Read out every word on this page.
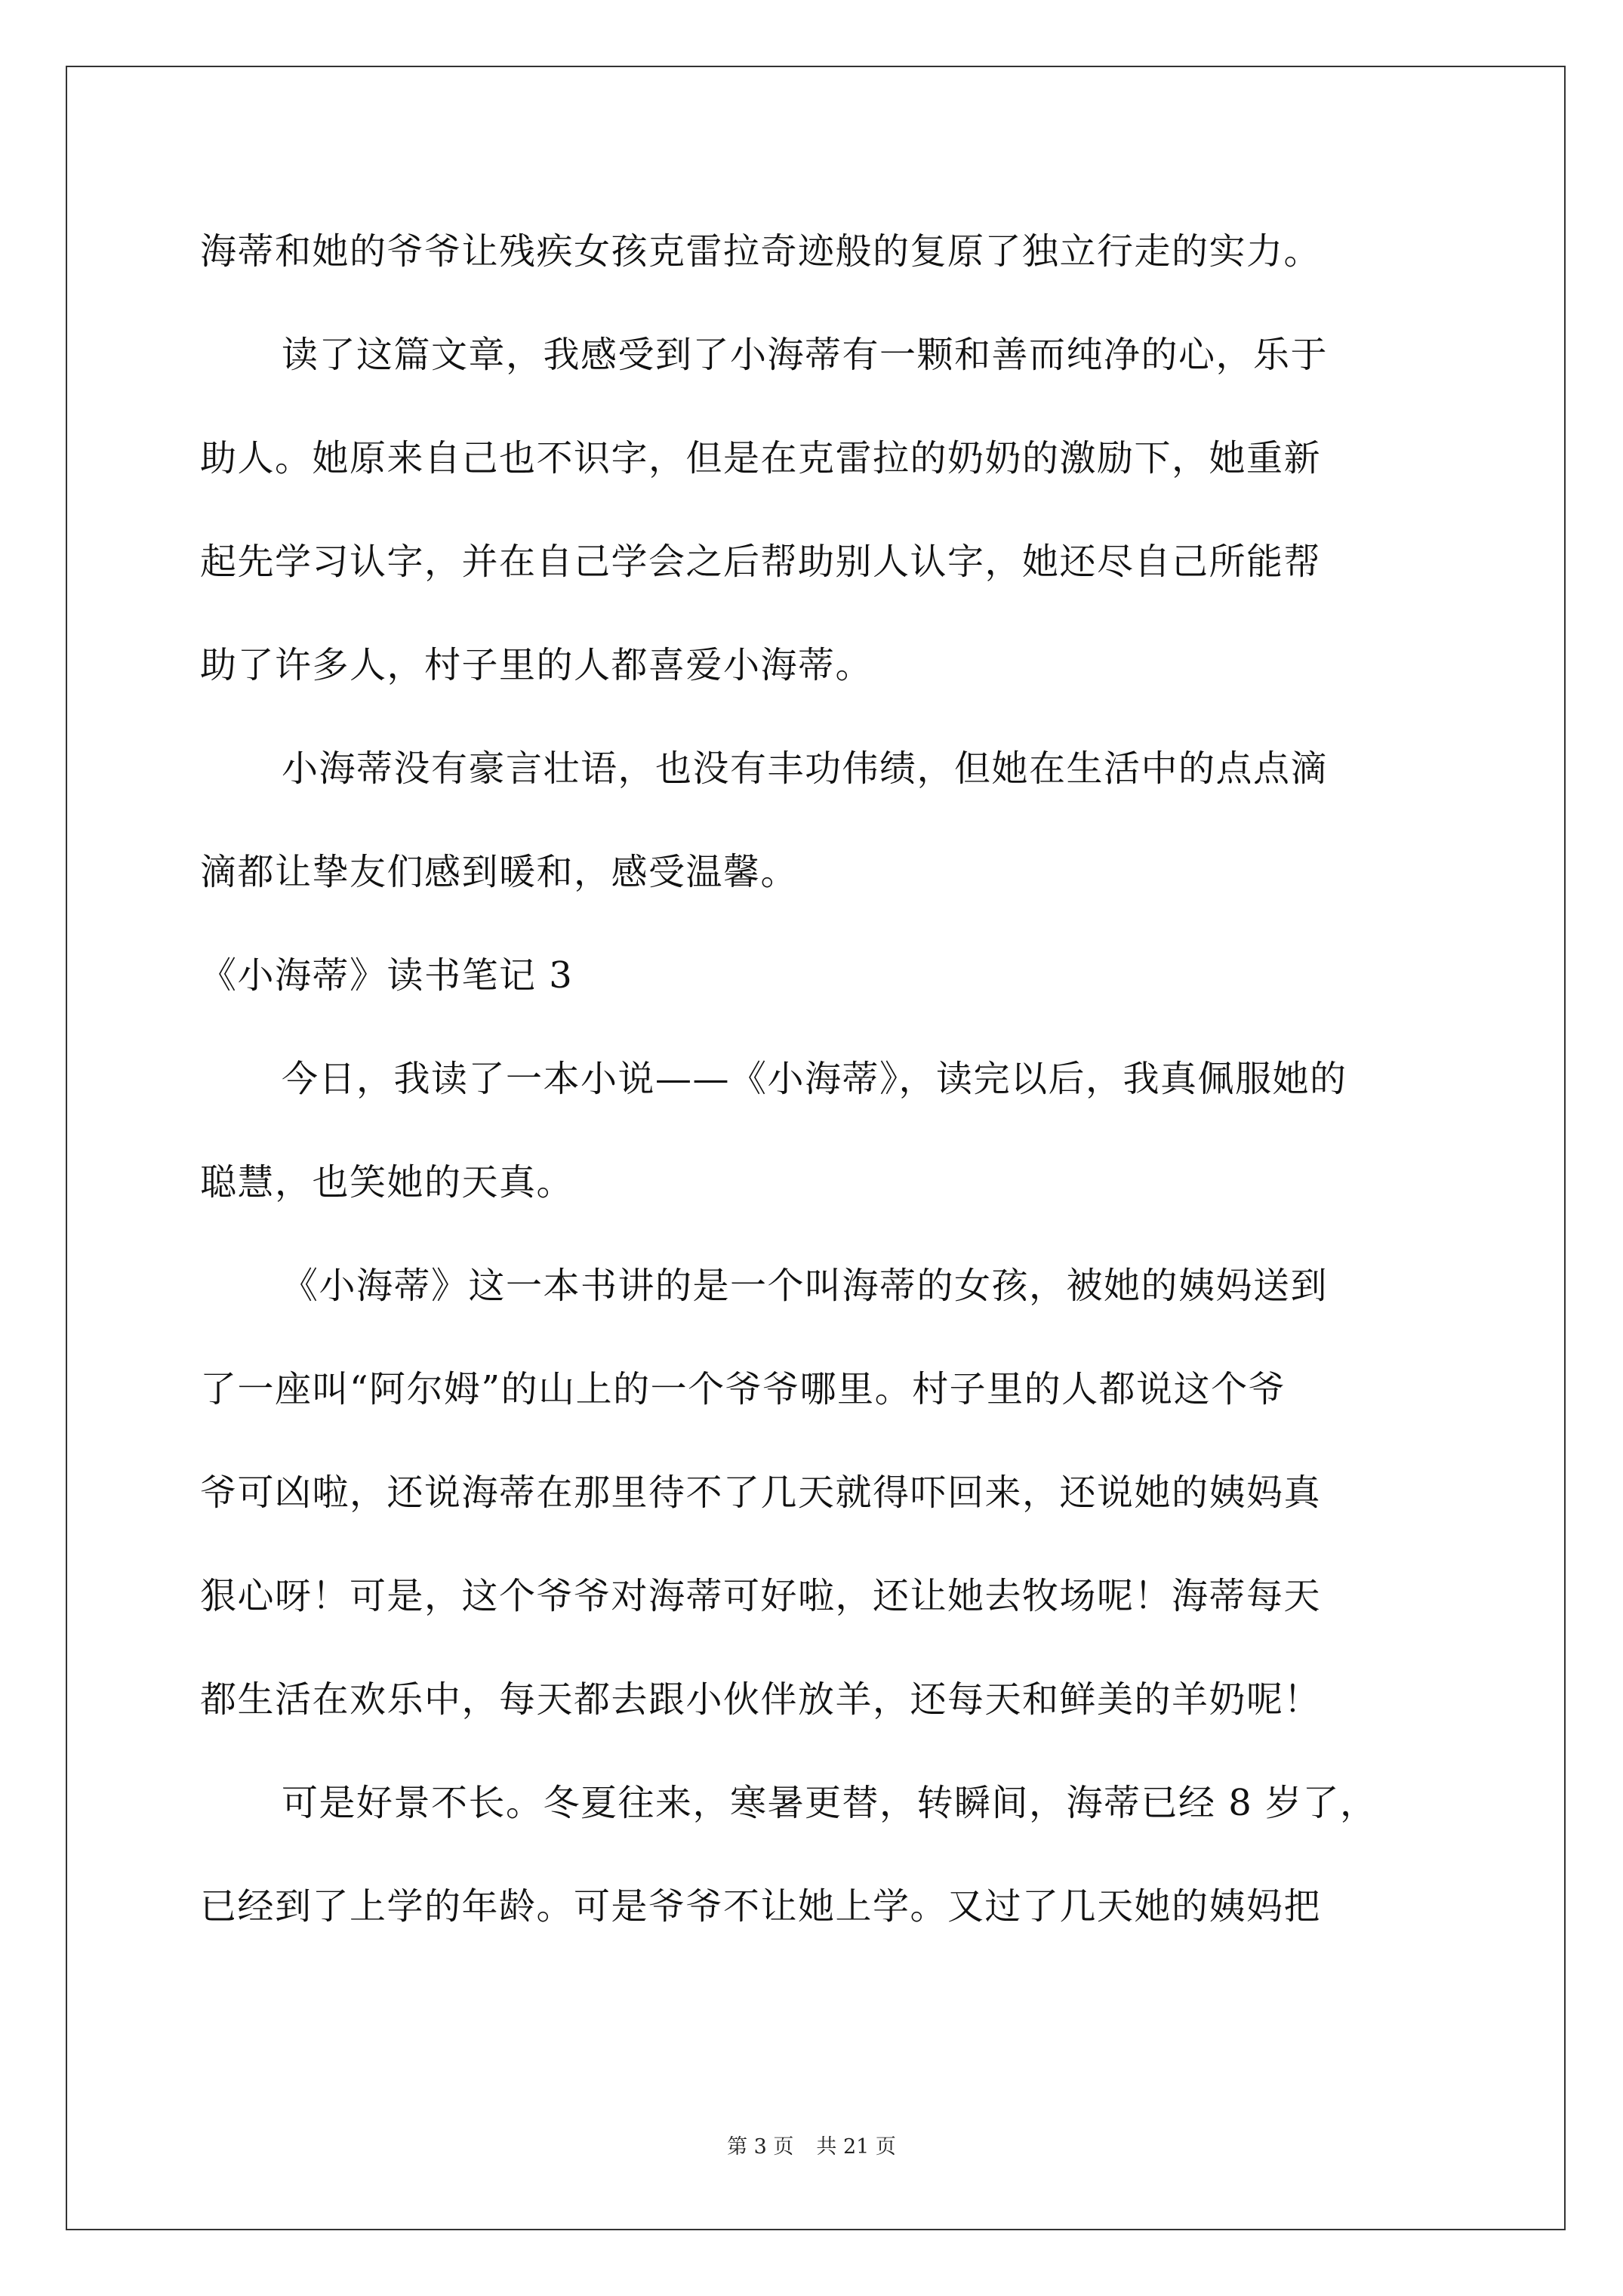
海蒂和她的爷爷让残疾女孩克雷拉奇迹般的复原了独立行走的实力。
读了这篇文章，我感受到了小海蒂有一颗和善而纯净的心，乐于
助人。她原来自己也不识字，但是在克雷拉的奶奶的激励下，她重新
起先学习认字，并在自己学会之后帮助别人认字，她还尽自己所能帮
助了许多人，村子里的人都喜爱小海蒂。
小海蒂没有豪言壮语，也没有丰功伟绩，但她在生活中的点点滴
滴都让挚友们感到暖和，感受温馨。
《小海蒂》读书笔记 3
今日，我读了一本小说——《小海蒂》，读完以后，我真佩服她的
聪慧，也笑她的天真。
《小海蒂》这一本书讲的是一个叫海蒂的女孩，被她的姨妈送到
了一座叫“阿尔姆”的山上的一个爷爷哪里。村子里的人都说这个爷
爷可凶啦，还说海蒂在那里待不了几天就得吓回来，还说她的姨妈真
狠心呀！可是，这个爷爷对海蒂可好啦，还让她去牧场呢！海蒂每天
都生活在欢乐中，每天都去跟小伙伴放羊，还每天和鲜美的羊奶呢！
可是好景不长。冬夏往来，寒暑更替，转瞬间，海蒂已经 8 岁了，
已经到了上学的年龄。可是爷爷不让她上学。又过了几天她的姨妈把
第 3 页 共 21 页
